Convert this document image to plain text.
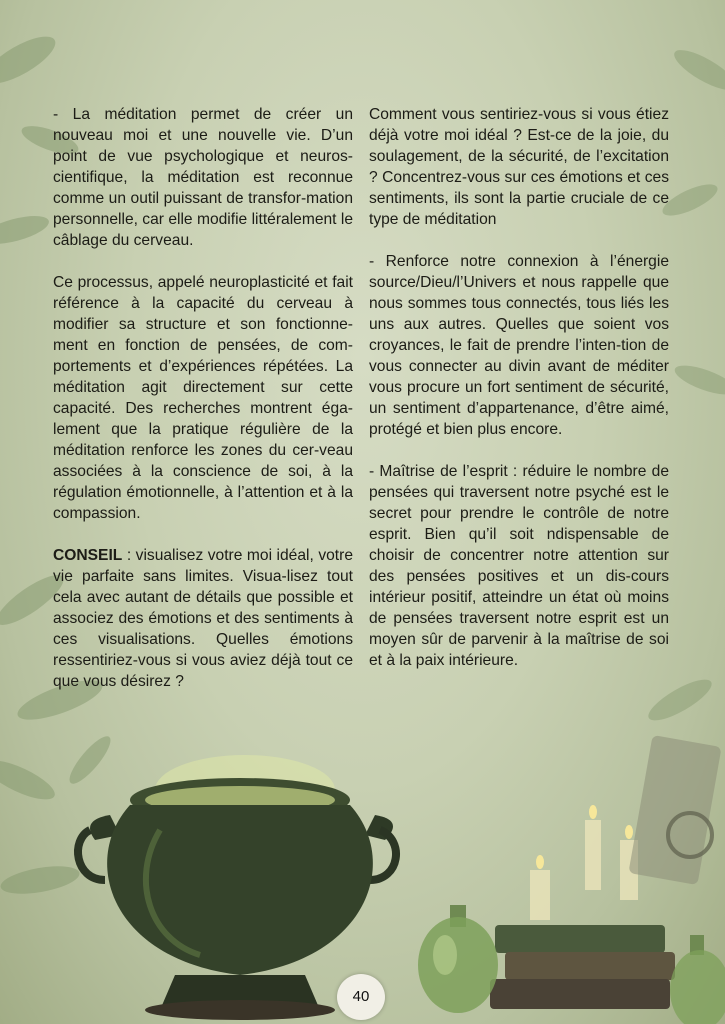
- La méditation permet de créer un nouveau moi et une nouvelle vie. D’un point de vue psychologique et neuros-cientifique, la méditation est reconnue comme un outil puissant de transfor-mation personnelle, car elle modifie littéralement le câblage du cerveau.

Ce processus, appelé neuroplasticité et fait référence à la capacité du cerveau à modifier sa structure et son fonctionne-ment en fonction de pensées, de com-portements et d’expériences répétées. La méditation agit directement sur cette capacité. Des recherches montrent éga-lement que la pratique régulière de la méditation renforce les zones du cer-veau associées à la conscience de soi, à la régulation émotionnelle, à l’attention et à la compassion.

CONSEIL : visualisez votre moi idéal, votre vie parfaite sans limites. Visua-lisez tout cela avec autant de détails que possible et associez des émotions et des sentiments à ces visualisations. Quelles émotions ressentiriez-vous si vous aviez déjà tout ce que vous désirez ?

Comment vous sentiriez-vous si vous étiez déjà votre moi idéal ? Est-ce de la joie, du soulagement, de la sécurité, de l’excitation ? Concentrez-vous sur ces émotions et ces sentiments, ils sont la partie cruciale de ce type de méditation

- Renforce notre connexion à l’énergie source/Dieu/l’Univers et nous rappelle que nous sommes tous connectés, tous liés les uns aux autres. Quelles que soient vos croyances, le fait de prendre l’inten-tion de vous connecter au divin avant de méditer vous procure un fort sentiment de sécurité, un sentiment d’appartenance, d’être aimé, protégé et bien plus encore.

- Maîtrise de l’esprit : réduire le nombre de pensées qui traversent notre psyché est le secret pour prendre le contrôle de notre esprit. Bien qu’il soit ndispensable de choisir de concentrer notre attention sur des pensées positives et un dis-cours intérieur positif, atteindre un état où moins de pensées traversent notre esprit est un moyen sûr de parvenir à la maîtrise de soi et à la paix intérieure.

40
